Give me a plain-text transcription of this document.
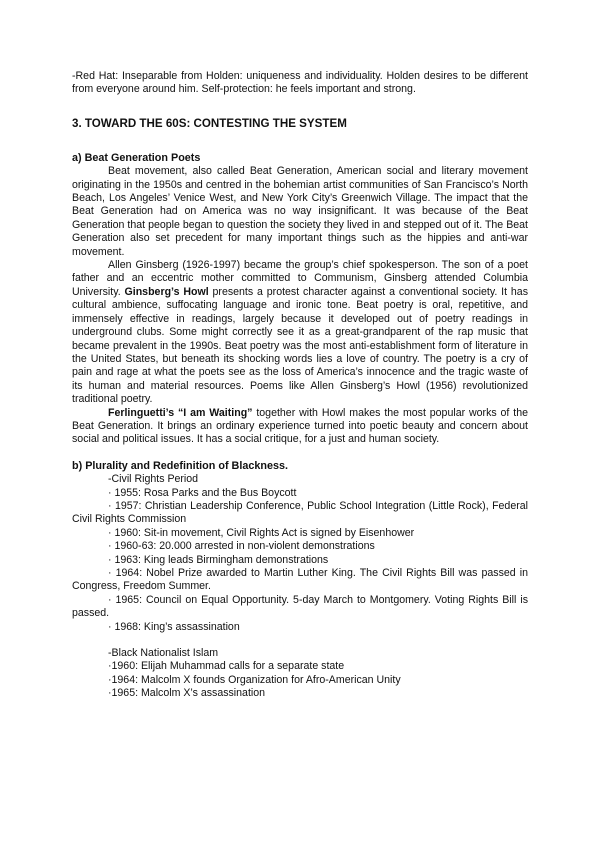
-Red Hat: Inseparable from Holden: uniqueness and individuality. Holden desires to be different from everyone around him. Self-protection: he feels important and strong.

3. TOWARD THE 60S: CONTESTING THE SYSTEM
a) Beat Generation Poets

Beat movement, also called Beat Generation, American social and literary movement originating in the 1950s and centred in the bohemian artist communities of San Francisco’s North Beach, Los Angeles’ Venice West, and New York City’s Greenwich Village. The impact that the Beat Generation had on America was no way insignificant. It was because of the Beat Generation that people began to question the society they lived in and stepped out of it. The Beat Generation also set precedent for many important things such as the hippies and anti-war movement.

Allen Ginsberg (1926-1997) became the group’s chief spokesperson. The son of a poet father and an eccentric mother committed to Communism, Ginsberg attended Columbia University. Ginsberg’s Howl presents a protest character against a conventional society. It has cultural ambience, suffocating language and ironic tone. Beat poetry is oral, repetitive, and immensely effective in readings, largely because it developed out of poetry readings in underground clubs. Some might correctly see it as a great-grandparent of the rap music that became prevalent in the 1990s. Beat poetry was the most anti-establishment form of literature in the United States, but beneath its shocking words lies a love of country. The poetry is a cry of pain and rage at what the poets see as the loss of America’s innocence and the tragic waste of its human and material resources. Poems like Allen Ginsberg’s Howl (1956) revolutionized traditional poetry.

Ferlinguetti’s “I am Waiting” together with Howl makes the most popular works of the Beat Generation. It brings an ordinary experience turned into poetic beauty and concern about social and political issues. It has a social critique, for a just and human society.

b) Plurality and Redefinition of Blackness.
-Civil Rights Period
· 1955: Rosa Parks and the Bus Boycott
· 1957: Christian Leadership Conference, Public School Integration (Little Rock), Federal Civil Rights Commission
· 1960: Sit-in movement, Civil Rights Act is signed by Eisenhower
· 1960-63: 20.000 arrested in non-violent demonstrations
· 1963: King leads Birmingham demonstrations
· 1964: Nobel Prize awarded to Martin Luther King. The Civil Rights Bill was passed in Congress, Freedom Summer.
· 1965: Council on Equal Opportunity. 5-day March to Montgomery. Voting Rights Bill is passed.
· 1968: King’s assassination
-Black Nationalist Islam
·1960: Elijah Muhammad calls for a separate state
·1964: Malcolm X founds Organization for Afro-American Unity
·1965: Malcolm X’s assassination
